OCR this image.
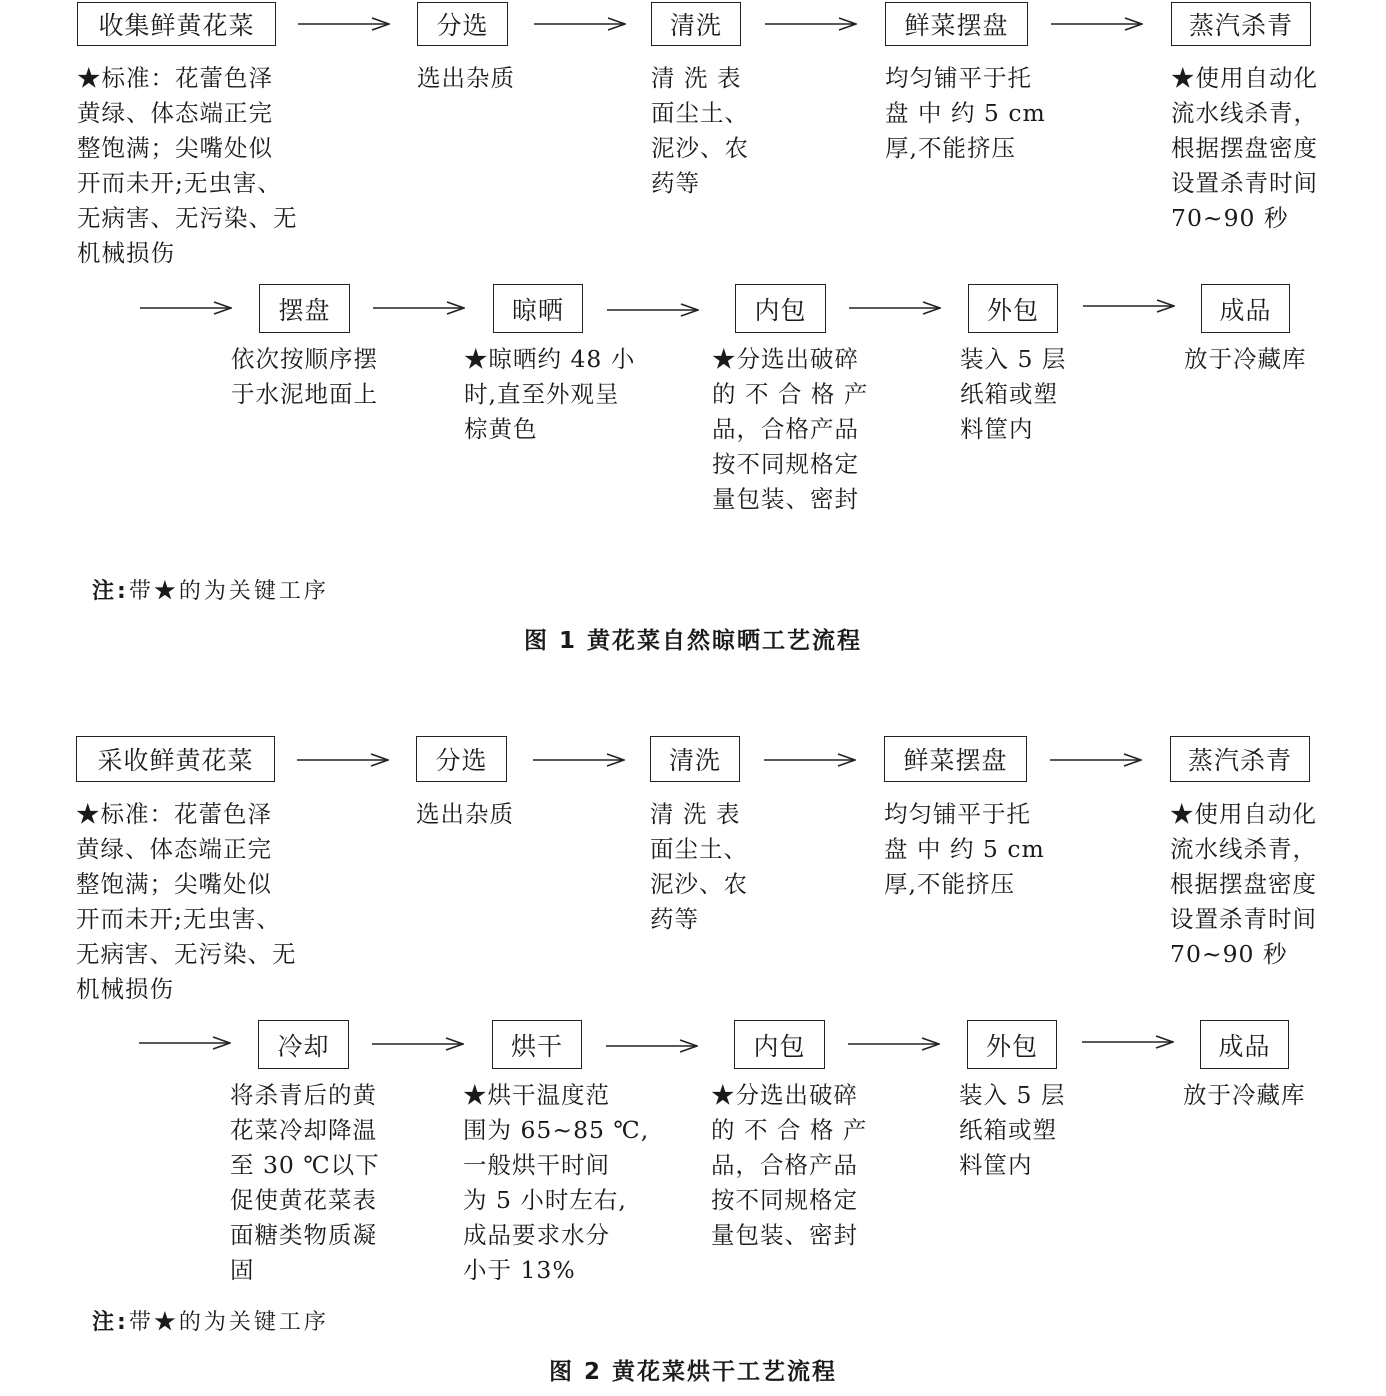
收集鲜黄花菜	分选	清洗	鲜菜摆盘	蒸汽杀青
★标准：花蕾色泽
黄绿、体态端正完
整饱满；尖嘴处似
开而未开;无虫害、
无病害、无污染、无
机械损伤
选出杂质	清 洗 表
面尘土、
泥沙、农
药等
均匀铺平于托
盘 中 约 5 cm
厚,不能挤压
★使用自动化
流水线杀青，
根据摆盘密度
设置杀青时间
70~90 秒
摆盘	晾晒	内包	外包	成品
依次按顺序摆
于水泥地面上
★晾晒约 48 小
时,直至外观呈
棕黄色
★分选出破碎
的 不 合 格 产
品，合格产品
按不同规格定
量包装、密封
装入 5 层
纸箱或塑
料筐内
放于冷藏库
注:带★的为关键工序
图 1 黄花菜自然晾晒工艺流程
采收鲜黄花菜	分选	清洗	鲜菜摆盘	蒸汽杀青
★标准：花蕾色泽
黄绿、体态端正完
整饱满；尖嘴处似
开而未开;无虫害、
无病害、无污染、无
机械损伤
选出杂质	清 洗 表
面尘土、
泥沙、农
药等
均匀铺平于托
盘 中 约 5 cm
厚,不能挤压
★使用自动化
流水线杀青，
根据摆盘密度
设置杀青时间
70~90 秒
冷却	烘干	内包	外包	成品
将杀青后的黄
花菜冷却降温
至 30 ℃以下
促使黄花菜表
面糖类物质凝
固
★烘干温度范
围为 65~85 ℃,
一般烘干时间
为 5 小时左右,
成品要求水分
小于 13%
★分选出破碎
的 不 合 格 产
品，合格产品
按不同规格定
量包装、密封
装入 5 层
纸箱或塑
料筐内
放于冷藏库
注:带★的为关键工序
图 2 黄花菜烘干工艺流程
